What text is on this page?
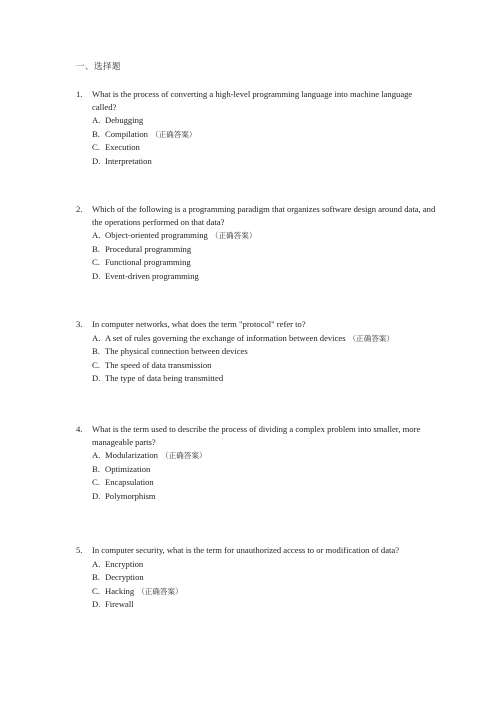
一、选择题
1.	What is the process of converting a high-level programming language into machine language called?
A. Debugging
B. Compilation （正确答案）
C. Execution
D. Interpretation
2.	Which of the following is a programming paradigm that organizes software design around data, and the operations performed on that data?
A. Object-oriented programming （正确答案）
B. Procedural programming
C. Functional programming
D. Event-driven programming
3.	In computer networks, what does the term "protocol" refer to?
A. A set of rules governing the exchange of information between devices （正确答案）
B. The physical connection between devices
C. The speed of data transmission
D. The type of data being transmitted
4.	What is the term used to describe the process of dividing a complex problem into smaller, more manageable parts?
A. Modularization （正确答案）
B. Optimization
C. Encapsulation
D. Polymorphism
5.	In computer security, what is the term for unauthorized access to or modification of data?
A. Encryption
B. Decryption
C. Hacking （正确答案）
D. Firewall
